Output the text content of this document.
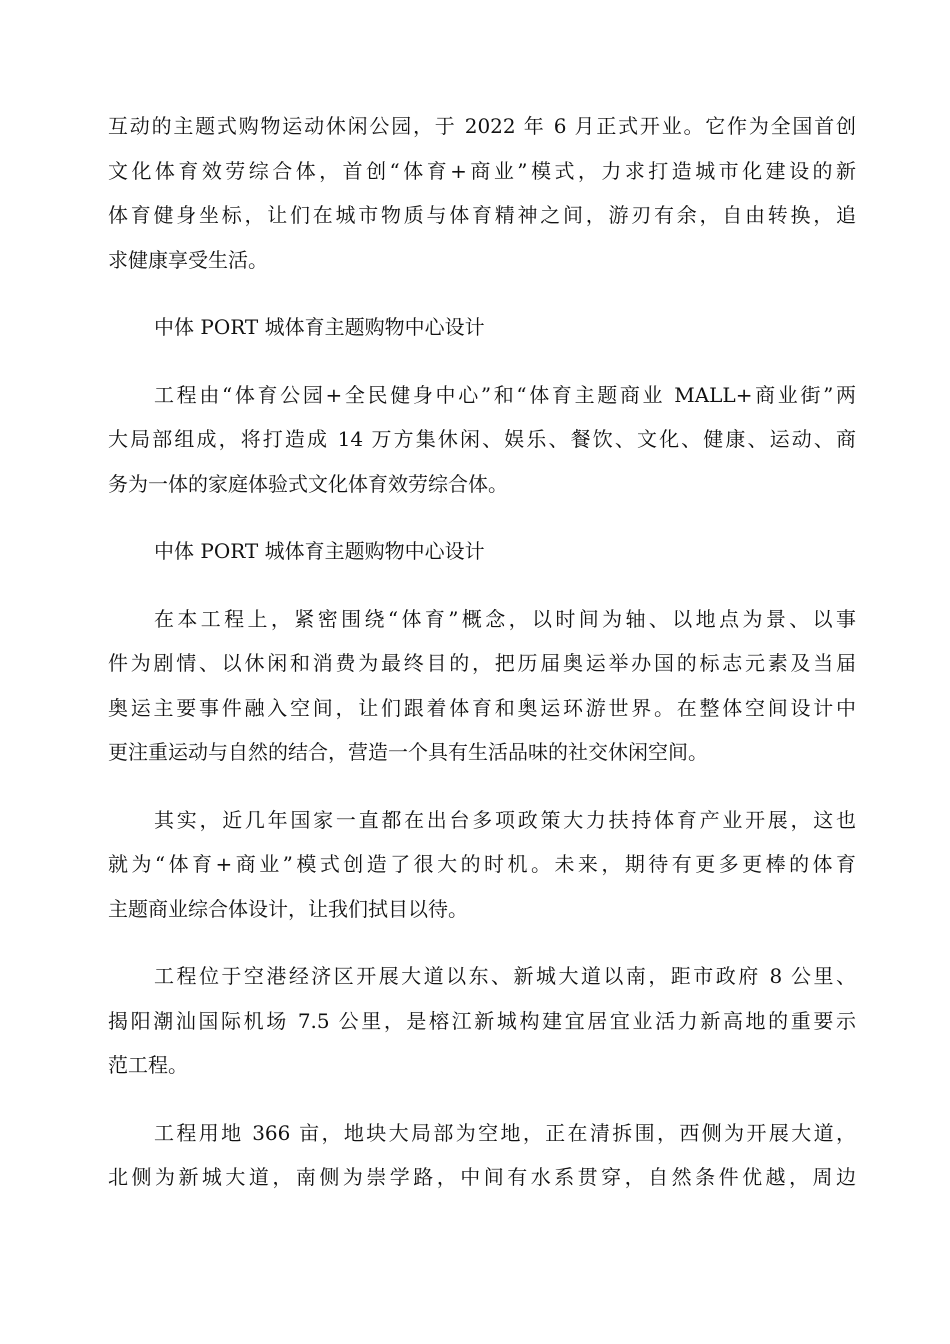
互动的主题式购物运动休闲公园，于 2022 年 6 月正式开业。它作为全国首创
文化体育效劳综合体，首创“体育+商业”模式，力求打造城市化建设的新
体育健身坐标，让们在城市物质与体育精神之间，游刃有余，自由转换，追
求健康享受生活。
中体 PORT 城体育主题购物中心设计
工程由“体育公园+全民健身中心”和“体育主题商业 MALL+商业街”两
大局部组成，将打造成 14 万方集休闲、娱乐、餐饮、文化、健康、运动、商
务为一体的家庭体验式文化体育效劳综合体。
中体 PORT 城体育主题购物中心设计
在本工程上，紧密围绕“体育”概念，以时间为轴、以地点为景、以事
件为剧情、以休闲和消费为最终目的，把历届奥运举办国的标志元素及当届
奥运主要事件融入空间，让们跟着体育和奥运环游世界。在整体空间设计中
更注重运动与自然的结合，营造一个具有生活品味的社交休闲空间。
其实，近几年国家一直都在出台多项政策大力扶持体育产业开展，这也
就为“体育+商业”模式创造了很大的时机。未来，期待有更多更棒的体育
主题商业综合体设计，让我们拭目以待。
工程位于空港经济区开展大道以东、新城大道以南，距市政府 8 公里、
揭阳潮汕国际机场 7.5 公里，是榕江新城构建宜居宜业活力新高地的重要示
范工程。
工程用地 366 亩，地块大局部为空地，正在清拆围，西侧为开展大道，
北侧为新城大道，南侧为崇学路，中间有水系贯穿，自然条件优越，周边
